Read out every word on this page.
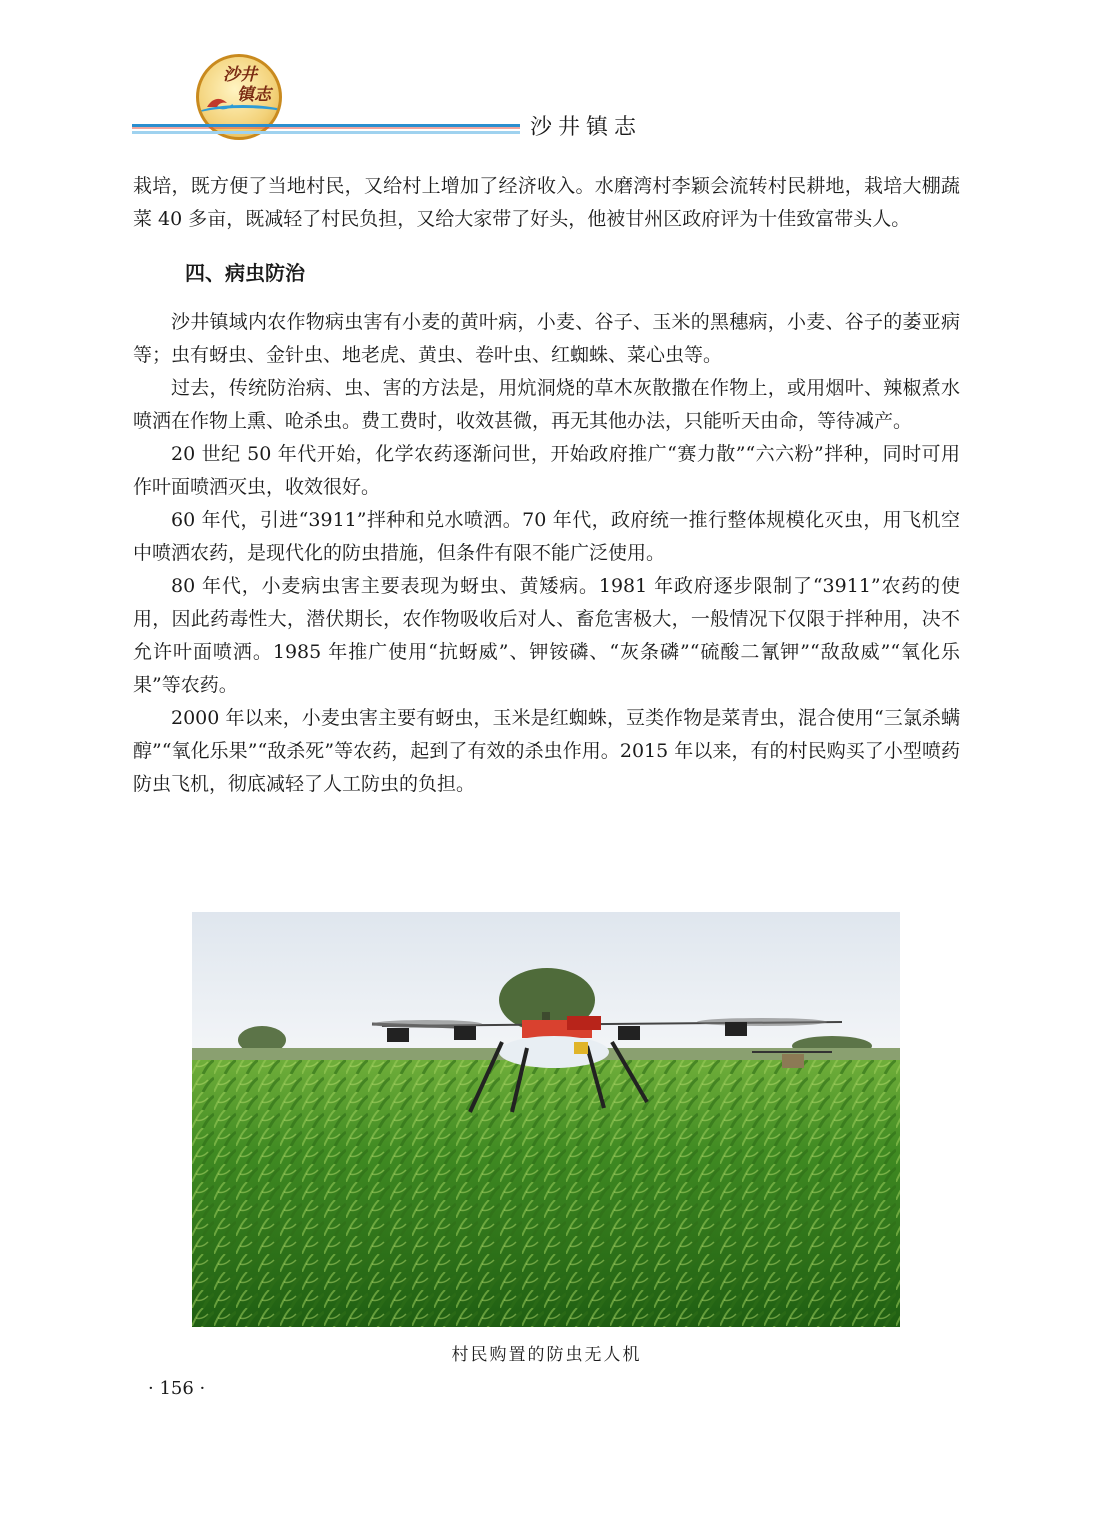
沙井
镇志
沙井镇志

栽培，既方便了当地村民，又给村上增加了经济收入。水磨湾村李颖会流转村民耕地，栽培大棚蔬菜 40 多亩，既减轻了村民负担，又给大家带了好头，他被甘州区政府评为十佳致富带头人。

四、病虫防治

沙井镇域内农作物病虫害有小麦的黄叶病，小麦、谷子、玉米的黑穗病，小麦、谷子的萎亚病等；虫有蚜虫、金针虫、地老虎、黄虫、卷叶虫、红蜘蛛、菜心虫等。

过去，传统防治病、虫、害的方法是，用炕洞烧的草木灰散撒在作物上，或用烟叶、辣椒煮水喷洒在作物上熏、呛杀虫。费工费时，收效甚微，再无其他办法，只能听天由命，等待减产。

20 世纪 50 年代开始，化学农药逐渐问世，开始政府推广“赛力散”“六六粉”拌种，同时可用作叶面喷洒灭虫，收效很好。

60 年代，引进“3911”拌种和兑水喷洒。70 年代，政府统一推行整体规模化灭虫，用飞机空中喷洒农药，是现代化的防虫措施，但条件有限不能广泛使用。

80 年代，小麦病虫害主要表现为蚜虫、黄矮病。1981 年政府逐步限制了“3911”农药的使用，因此药毒性大，潜伏期长，农作物吸收后对人、畜危害极大，一般情况下仅限于拌种用，决不允许叶面喷洒。1985 年推广使用“抗蚜威”、钾铵磷、“灰条磷”“硫酸二氰钾”“敌敌威”“氧化乐果”等农药。

2000 年以来，小麦虫害主要有蚜虫，玉米是红蜘蛛，豆类作物是菜青虫，混合使用“三氯杀螨醇”“氧化乐果”“敌杀死”等农药，起到了有效的杀虫作用。2015 年以来，有的村民购买了小型喷药防虫飞机，彻底减轻了人工防虫的负担。

村民购置的防虫无人机
· 156 ·
